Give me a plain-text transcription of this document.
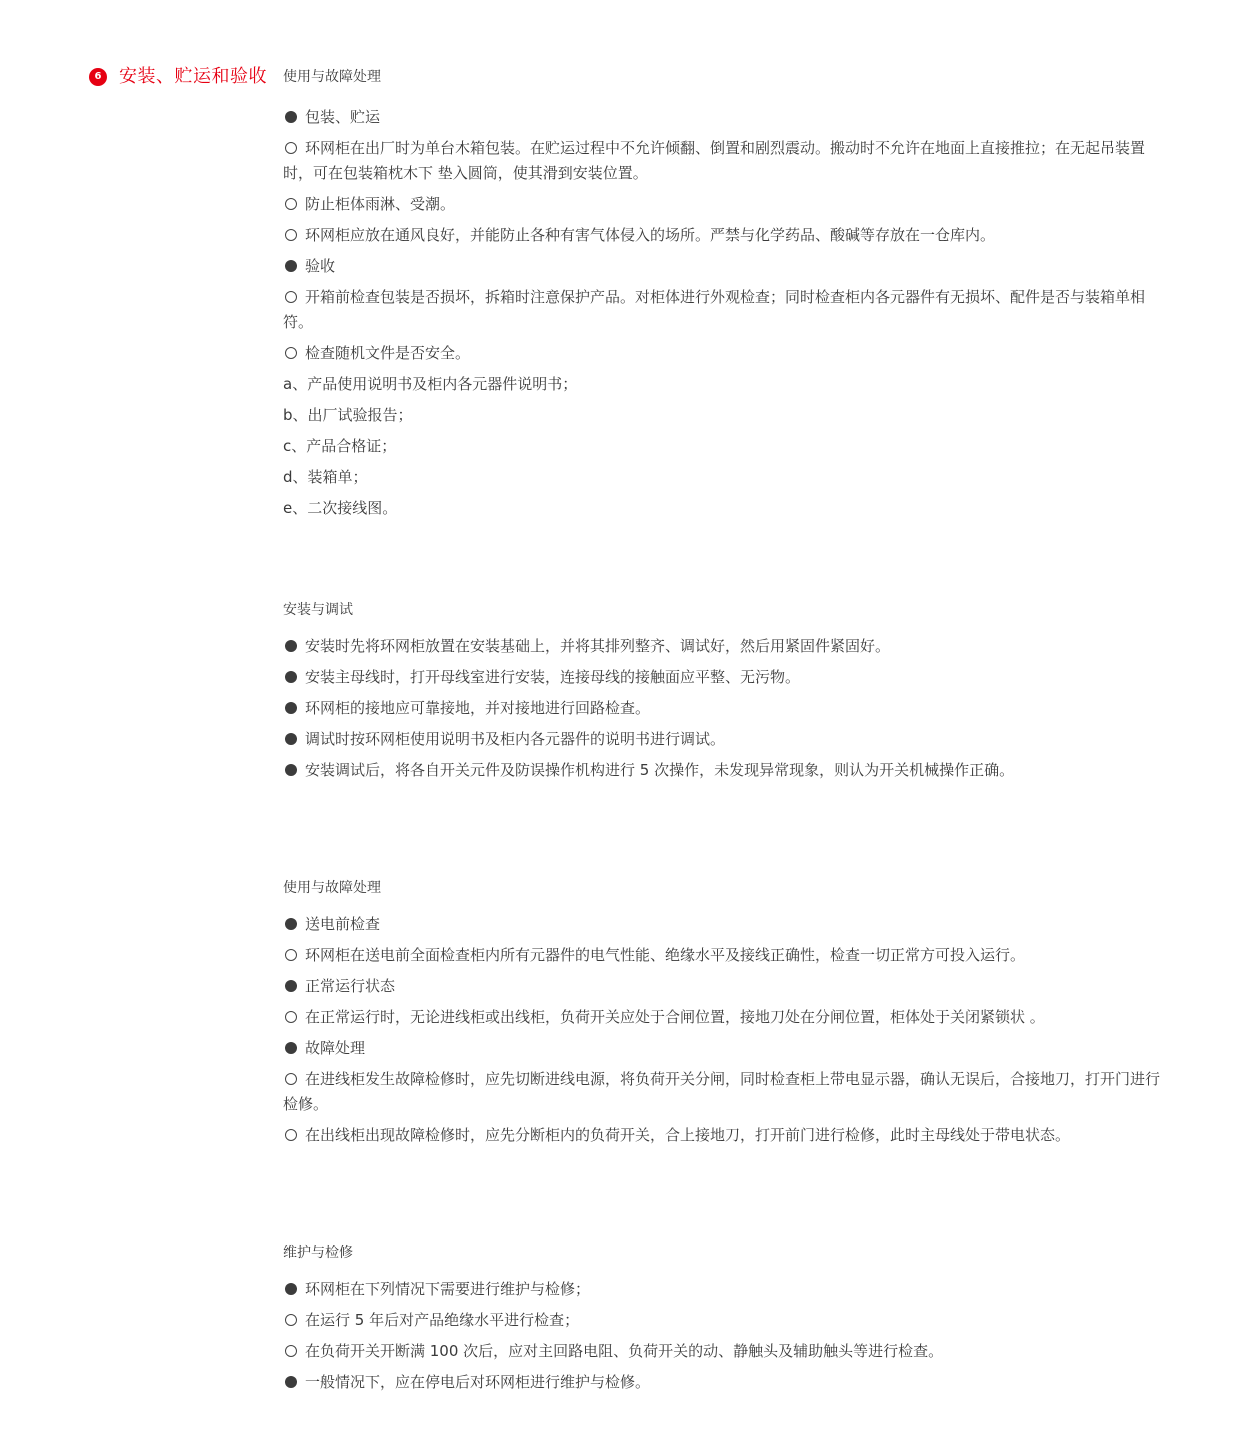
6 安装、贮运和验收 使用与故障处理
包装、贮运
环网柜在出厂时为单台木箱包装。在贮运过程中不允许倾翻、倒置和剧烈震动。搬动时不允许在地面上直接推拉；在无起吊装置时，可在包装箱枕木下 垫入圆筒，使其滑到安装位置。
防止柜体雨淋、受潮。
环网柜应放在通风良好，并能防止各种有害气体侵入的场所。严禁与化学药品、酸碱等存放在一仓库内。
验收
开箱前检查包装是否损坏，拆箱时注意保护产品。对柜体进行外观检查；同时检查柜内各元器件有无损坏、配件是否与装箱单相符。
检查随机文件是否安全。
a、产品使用说明书及柜内各元器件说明书；
b、出厂试验报告；
c、产品合格证；
d、装箱单；
e、二次接线图。
安装与调试
安装时先将环网柜放置在安装基础上，并将其排列整齐、调试好，然后用紧固件紧固好。
安装主母线时，打开母线室进行安装，连接母线的接触面应平整、无污物。
环网柜的接地应可靠接地，并对接地进行回路检查。
调试时按环网柜使用说明书及柜内各元器件的说明书进行调试。
安装调试后，将各自开关元件及防误操作机构进行 5 次操作，未发现异常现象，则认为开关机械操作正确。
使用与故障处理
送电前检查
环网柜在送电前全面检查柜内所有元器件的电气性能、绝缘水平及接线正确性，检查一切正常方可投入运行。
正常运行状态
在正常运行时，无论进线柜或出线柜，负荷开关应处于合闸位置，接地刀处在分闸位置，柜体处于关闭紧锁状 。
故障处理
在进线柜发生故障检修时，应先切断进线电源，将负荷开关分闸，同时检查柜上带电显示器，确认无误后，合接地刀，打开门进行检修。
在出线柜出现故障检修时，应先分断柜内的负荷开关，合上接地刀，打开前门进行检修，此时主母线处于带电状态。
维护与检修
环网柜在下列情况下需要进行维护与检修；
在运行 5 年后对产品绝缘水平进行检查；
在负荷开关开断满 100 次后，应对主回路电阻、负荷开关的动、静触头及辅助触头等进行检查。
一般情况下，应在停电后对环网柜进行维护与检修。
